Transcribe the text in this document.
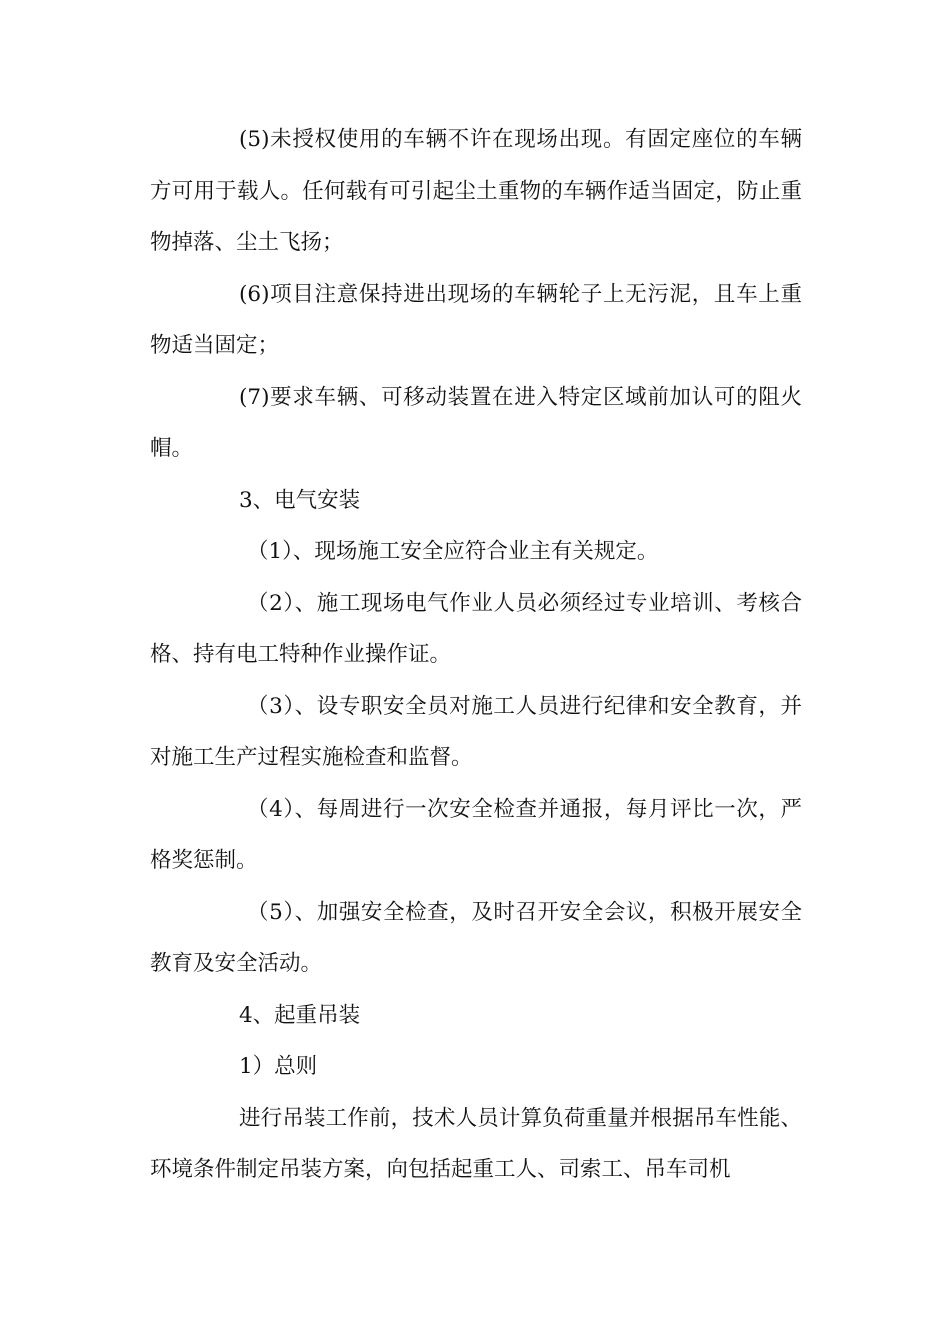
(5)未授权使用的车辆不许在现场出现。有固定座位的车辆方可用于载人。任何载有可引起尘土重物的车辆作适当固定，防止重物掉落、尘土飞扬；

(6)项目注意保持进出现场的车辆轮子上无污泥，且车上重物适当固定；

(7)要求车辆、可移动装置在进入特定区域前加认可的阻火帽。

3、电气安装

（1）、现场施工安全应符合业主有关规定。

（2）、施工现场电气作业人员必须经过专业培训、考核合格、持有电工特种作业操作证。

（3）、设专职安全员对施工人员进行纪律和安全教育，并对施工生产过程实施检查和监督。

（4）、每周进行一次安全检查并通报，每月评比一次，严格奖惩制。

（5）、加强安全检查，及时召开安全会议，积极开展安全教育及安全活动。

4、起重吊装

1）总则

进行吊装工作前，技术人员计算负荷重量并根据吊车性能、环境条件制定吊装方案，向包括起重工人、司索工、吊车司机
